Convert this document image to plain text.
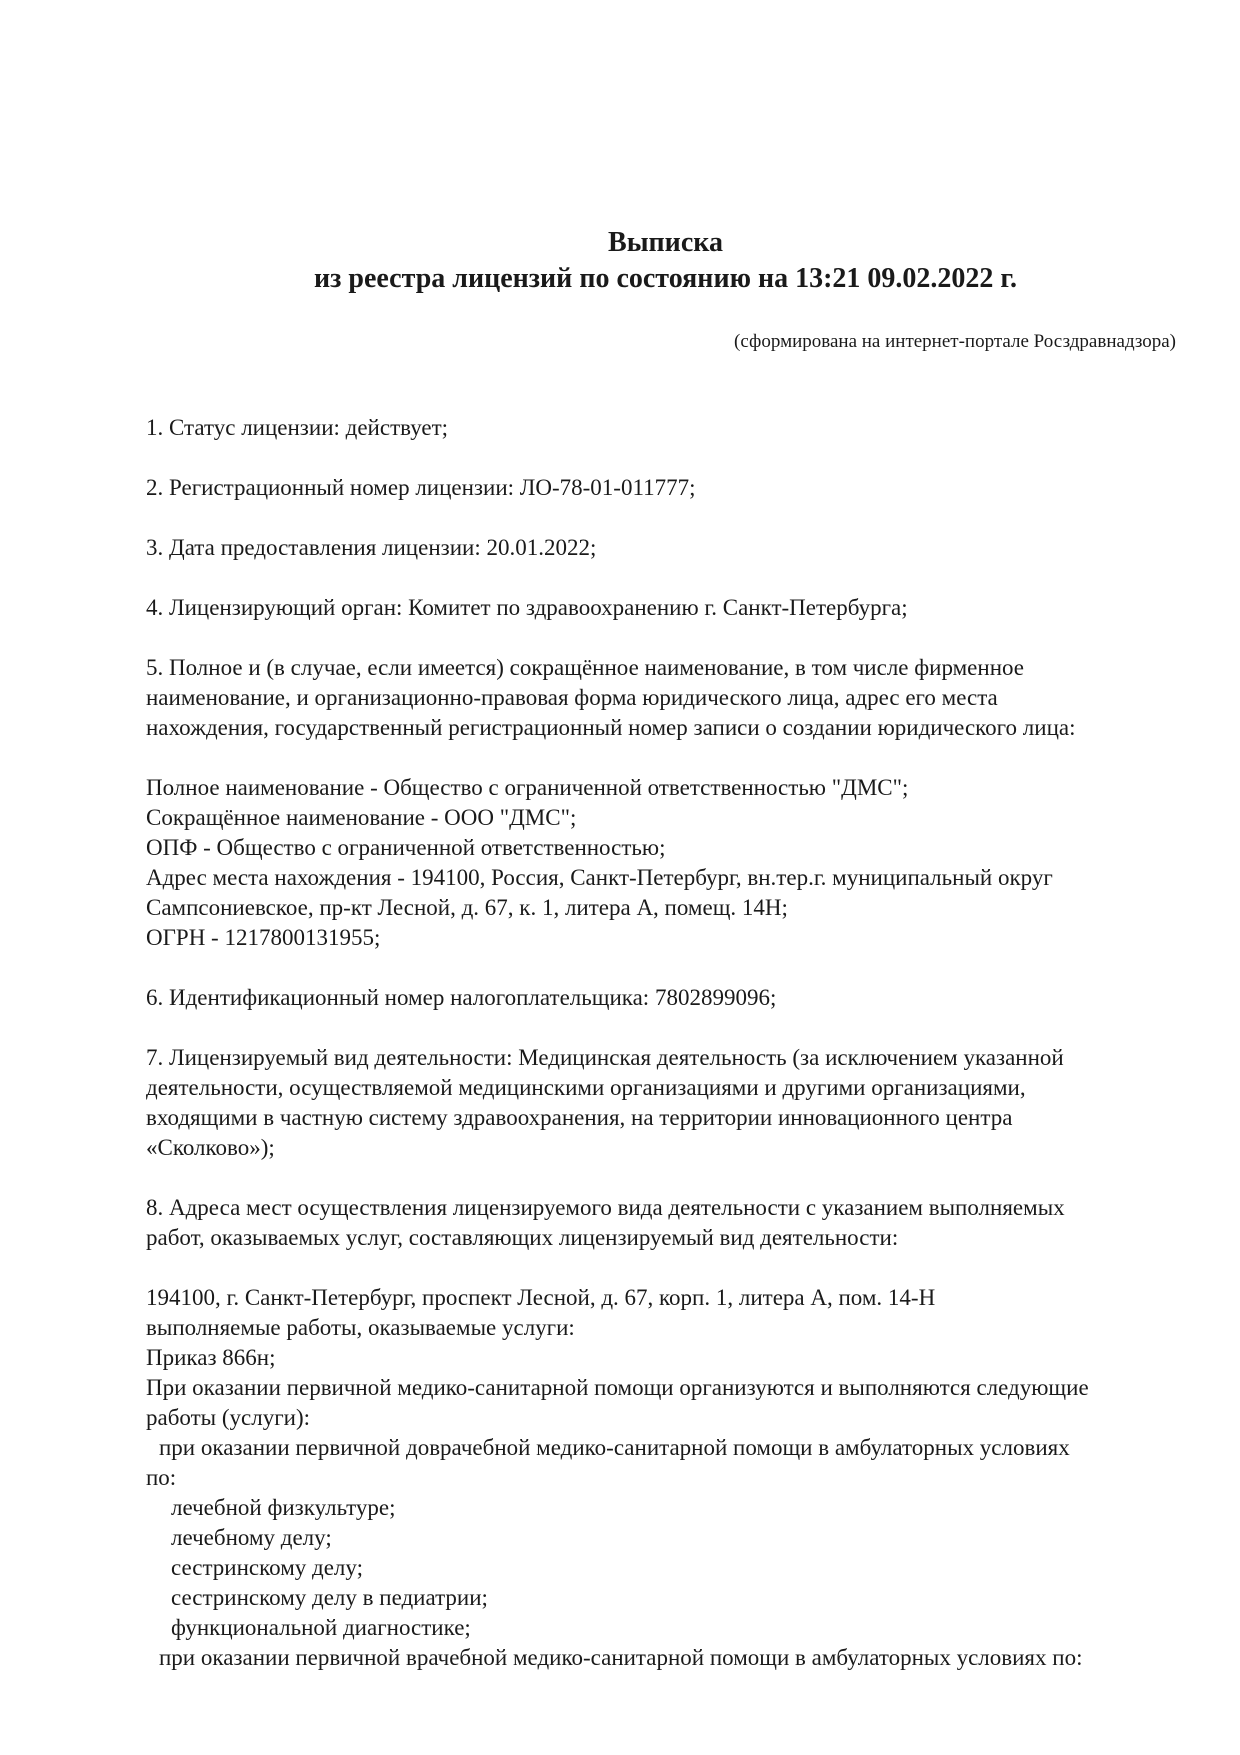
Выписка
из реестра лицензий по состоянию на 13:21 09.02.2022 г.
(сформирована на интернет-портале Росздравнадзора)
1. Статус лицензии: действует;
2. Регистрационный номер лицензии: ЛО-78-01-011777;
3. Дата предоставления лицензии: 20.01.2022;
4. Лицензирующий орган: Комитет по здравоохранению г. Санкт-Петербурга;
5. Полное и (в случае, если имеется) сокращённое наименование, в том числе фирменное
наименование, и организационно-правовая форма юридического лица, адрес его места
нахождения, государственный регистрационный номер записи о создании юридического лица:
Полное наименование - Общество с ограниченной ответственностью "ДМС";
Сокращённое наименование - ООО "ДМС";
ОПФ - Общество с ограниченной ответственностью;
Адрес места нахождения - 194100, Россия, Санкт-Петербург, вн.тер.г. муниципальный округ
Сампсониевское, пр-кт Лесной, д. 67, к. 1, литера А, помещ. 14Н;
ОГРН - 1217800131955;
6. Идентификационный номер налогоплательщика: 7802899096;
7. Лицензируемый вид деятельности: Медицинская деятельность (за исключением указанной
деятельности, осуществляемой медицинскими организациями и другими организациями,
входящими в частную систему здравоохранения, на территории инновационного центра
«Сколково»);
8. Адреса мест осуществления лицензируемого вида деятельности с указанием выполняемых
работ, оказываемых услуг, составляющих лицензируемый вид деятельности:
194100, г. Санкт-Петербург, проспект Лесной, д. 67, корп. 1, литера А, пом. 14-Н
выполняемые работы, оказываемые услуги:
Приказ 866н;
При оказании первичной медико-санитарной помощи организуются и выполняются следующие
работы (услуги):
при оказании первичной доврачебной медико-санитарной помощи в амбулаторных условиях
по:
лечебной физкультуре;
лечебному делу;
сестринскому делу;
сестринскому делу в педиатрии;
функциональной диагностике;
при оказании первичной врачебной медико-санитарной помощи в амбулаторных условиях по:
